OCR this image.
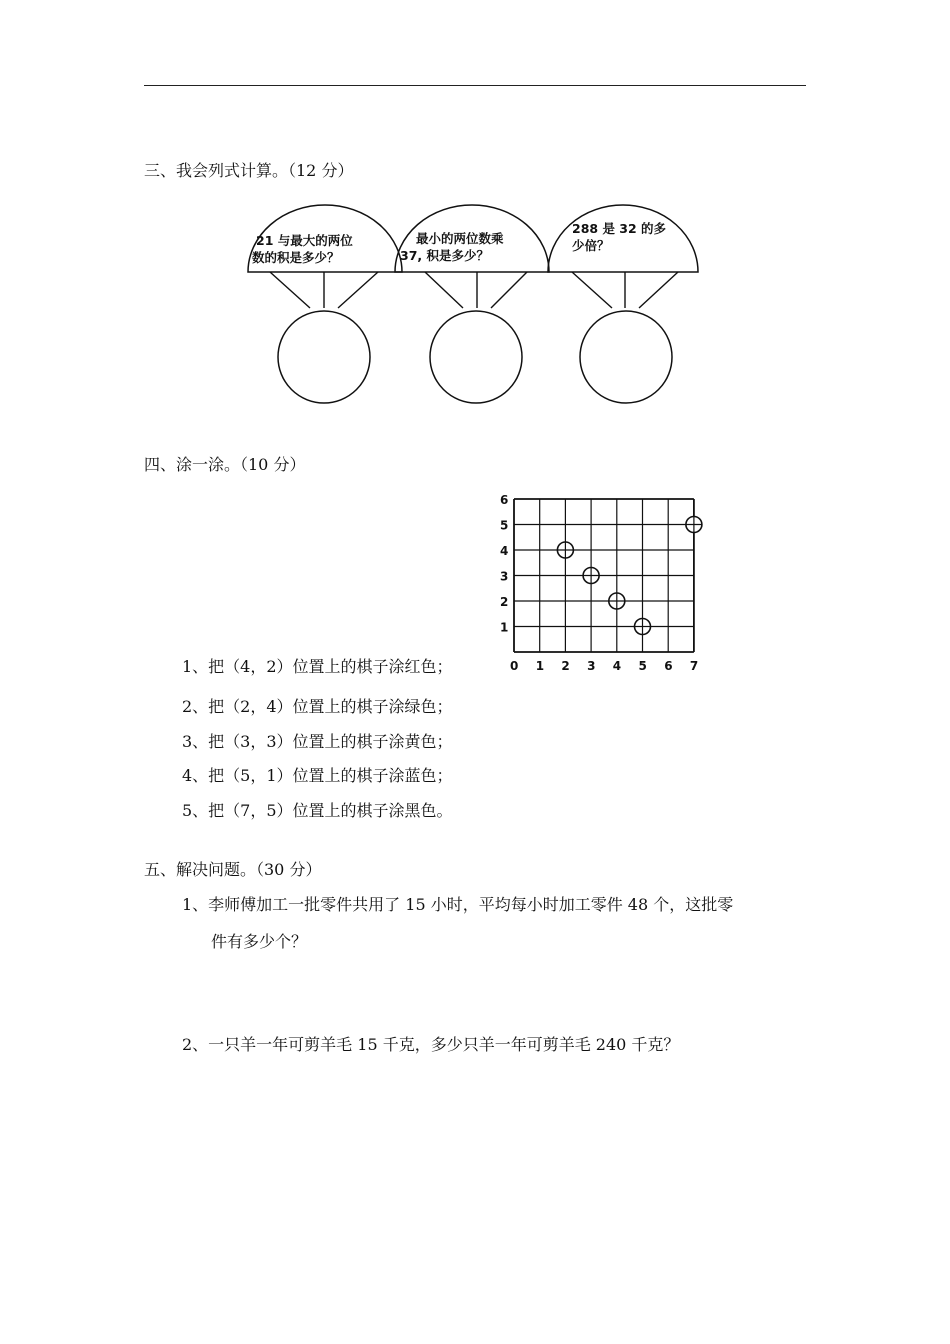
三、我会列式计算。（12 分）
21 与最大的两位
数的积是多少？
最小的两位数乘
37, 积是多少？
288 是 32 的多
少倍？
四、涂一涂。（10 分）
0 1 2 3 4 5 6 7
1
2
3
4
5
6
1、把（4，2）位置上的棋子涂红色；
2、把（2，4）位置上的棋子涂绿色；
3、把（3，3）位置上的棋子涂黄色；
4、把（5，1）位置上的棋子涂蓝色；
5、把（7，5）位置上的棋子涂黑色。
五、解决问题。（30 分）
1、李师傅加工一批零件共用了 15 小时，平均每小时加工零件 48 个，这批零
件有多少个？
2、一只羊一年可剪羊毛 15 千克，多少只羊一年可剪羊毛 240 千克？
